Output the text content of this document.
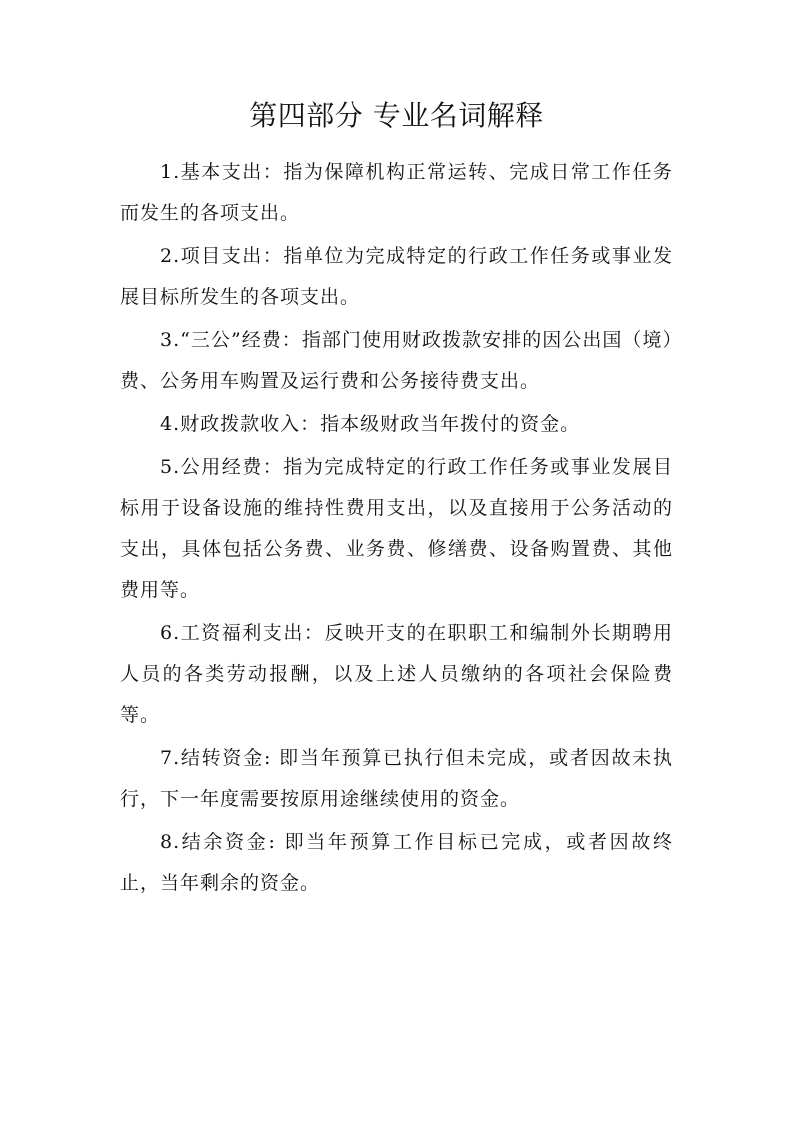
第四部分 专业名词解释

1.基本支出：指为保障机构正常运转、完成日常工作任务而发生的各项支出。

2.项目支出：指单位为完成特定的行政工作任务或事业发展目标所发生的各项支出。

3.“三公”经费：指部门使用财政拨款安排的因公出国（境）费、公务用车购置及运行费和公务接待费支出。

4.财政拨款收入：指本级财政当年拨付的资金。

5.公用经费：指为完成特定的行政工作任务或事业发展目标用于设备设施的维持性费用支出，以及直接用于公务活动的支出，具体包括公务费、业务费、修缮费、设备购置费、其他费用等。

6.工资福利支出：反映开支的在职职工和编制外长期聘用人员的各类劳动报酬，以及上述人员缴纳的各项社会保险费等。

7.结转资金: 即当年预算已执行但未完成，或者因故未执行，下一年度需要按原用途继续使用的资金。

8.结余资金: 即当年预算工作目标已完成，或者因故终止，当年剩余的资金。
